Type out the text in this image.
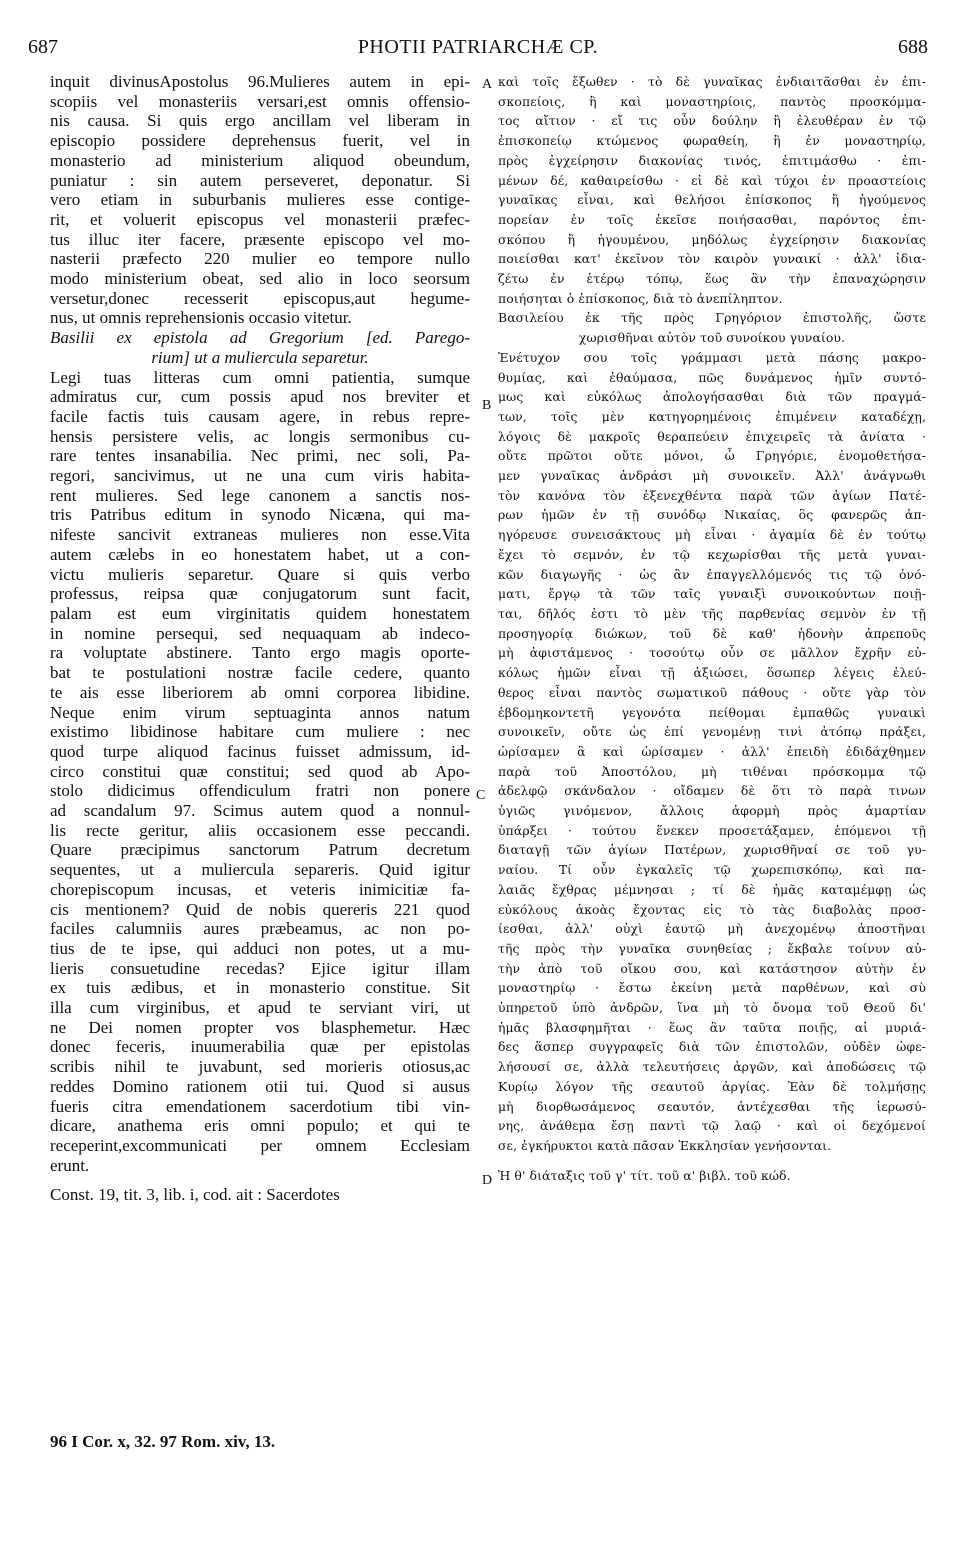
687	PHOTII PATRIARCHÆ CP.	688
inquit divinusApostolus 96.Mulieres autem in epi-
scopiis vel monasteriis versari,est omnis offensio-
nis causa. Si quis ergo ancillam vel liberam in
episcopio possidere deprehensus fuerit, vel in
monasterio ad ministerium aliquod obeundum,
puniatur : sin autem perseveret, deponatur. Si
vero etiam in suburbanis mulieres esse contige-
rit, et voluerit episcopus vel monasterii præfec-
tus illuc iter facere, præsente episcopo vel mo-
nasterii præfecto 220 mulier eo tempore nullo
modo ministerium obeat, sed alio in loco seorsum
versetur,donec recesserit episcopus,aut hegume-
nus, ut omnis reprehensionis occasio vitetur.
Basilii ex epistola ad Gregorium [ed. Parego-
rium] ut a muliercula separetur.
Legi tuas litteras cum omni patientia, sumque
admiratus cur, cum possis apud nos breviter et
facile factis tuis causam agere, in rebus repre-
hensis persistere velis, ac longis sermonibus cu-
rare tentes insanabilia. Nec primi, nec soli, Pa-
regori, sancivimus, ut ne una cum viris habita-
rent mulieres. Sed lege canonem a sanctis nos-
tris Patribus editum in synodo Nicæna, qui ma-
nifeste sancivit extraneas mulieres non esse.Vita
autem cælebs in eo honestatem habet, ut a con-
victu mulieris separetur. Quare si quis verbo
professus, reipsa quæ conjugatorum sunt facit,
palam est eum virginitatis quidem honestatem
in nomine persequi, sed nequaquam ab indeco-
ra voluptate abstinere. Tanto ergo magis oporte-
bat te postulationi nostræ facile cedere, quanto
te ais esse liberiorem ab omni corporea libidine.
Neque enim virum septuaginta annos natum
existimo libidinose habitare cum muliere : nec
quod turpe aliquod facinus fuisset admissum, id-
circo constitui quæ constitui; sed quod ab Apo-
stolo didicimus offendiculum fratri non ponere
ad scandalum 97. Scimus autem quod a nonnul-
lis recte geritur, aliis occasionem esse peccandi.
Quare præcipimus sanctorum Patrum decretum
sequentes, ut a muliercula separeris. Quid igitur
chorepiscopum incusas, et veteris inimicitiæ fa-
cis mentionem? Quid de nobis quereris 221 quod
faciles calumniis aures præbeamus, ac non po-
tius de te ipse, qui adduci non potes, ut a mu-
lieris consuetudine recedas? Ejice igitur illam
ex tuis ædibus, et in monasterio constitue. Sit
illa cum virginibus, et apud te serviant viri, ut
ne Dei nomen propter vos blasphemetur. Hæc
donec feceris, inuumerabilia quæ per epistolas
scribis nihil te juvabunt, sed morieris otiosus,ac
reddes Domino rationem otii tui. Quod si ausus
fueris citra emendationem sacerdotium tibi vin-
dicare, anathema eris omni populo; et qui te
receperint,excommunicati per omnem Ecclesiam
erunt.
Const. 19, tit. 3, lib. i, cod. ait : Sacerdotes
καὶ τοῖς ἔξωθεν · τὸ δὲ γυναῖκας ἐνδιαιτᾶσθαι ἐν ἐπι-
σκοπείοις, ἢ καὶ μοναστηρίοις, παντὸς προσκόμμα-
τος αἴτιον · εἴ τις οὖν δούλην ἢ ἐλευθέραν ἐν τῷ
ἐπισκοπείῳ κτώμενος φωραθείη, ἢ ἐν μοναστηρίῳ,
πρὸς ἐγχείρησιν διακονίας τινός, ἐπιτιμάσθω · ἐπι-
μένων δέ, καθαιρείσθω · εἰ δὲ καὶ τύχοι ἐν προαστείοις
γυναῖκας εἶναι, καὶ θελήσοι ἐπίσκοπος ἢ ἡγούμενος
πορείαν ἐν τοῖς ἐκεῖσε ποιήσασθαι, παρόντος ἐπι-
σκόπου ἢ ἡγουμένου, μηδόλως ἐγχείρησιν διακονίας
ποιείσθαι κατ' ἐκεῖνον τὸν καιρὸν γυναικί · ἀλλ' ἰδια-
ζέτω ἐν ἑτέρῳ τόπῳ, ἕως ἂν τὴν ἐπαναχώρησιν
ποιήσηται ὁ ἐπίσκοπος, διὰ τὸ ἀνεπίληπτον.
Βασιλείου ἐκ τῆς πρὸς Γρηγόριον ἐπιστολῆς, ὥστε
χωρισθῆναι αὐτὸν τοῦ συνοίκου γυναίου.
Ἐνέτυχον σου τοῖς γράμμασι μετὰ πάσης μακρο-
θυμίας, καὶ ἐθαύμασα, πῶς δυνάμενος ἡμῖν συντό-
μως καὶ εὐκόλως ἀπολογήσασθαι διὰ τῶν πραγμά-
των, τοῖς μὲν κατηγορημένοις ἐπιμένειν καταδέχῃ,
λόγοις δὲ μακροῖς θεραπεύειν ἐπιχειρεῖς τὰ ἀνίατα ·
οὔτε πρῶτοι οὔτε μόνοι, ὦ Γρηγόριε, ἐνομοθετήσα-
μεν γυναῖκας ἀνδράσι μὴ συνοικεῖν. Ἀλλ' ἀνάγνωθι
τὸν κανόνα τὸν ἐξενεχθέντα παρὰ τῶν ἁγίων Πατέ-
ρων ἡμῶν ἐν τῇ συνόδῳ Νικαίας, ὃς φανερῶς ἀπ-
ηγόρευσε συνεισάκτους μὴ εἶναι · ἀγαμία δὲ ἐν τούτῳ
ἔχει τὸ σεμνόν, ἐν τῷ κεχωρίσθαι τῆς μετὰ γυναι-
κῶν διαγωγῆς · ὡς ἂν ἐπαγγελλόμενός τις τῷ ὀνό-
ματι, ἔργῳ τὰ τῶν ταῖς γυναιξὶ συνοικούντων ποιῇ-
ται, δῆλός ἐστι τὸ μὲν τῆς παρθενίας σεμνὸν ἐν τῇ
προσηγορίᾳ διώκων, τοῦ δὲ καθ' ἡδονὴν ἀπρεποῦς
μὴ ἀφιστάμενος · τοσούτῳ οὖν σε μᾶλλον ἔχρῆν εὐ-
κόλως ἡμῶν εἶναι τῇ ἀξιώσει, ὅσωπερ λέγεις ἐλεύ-
θερος εἶναι παντὸς σωματικοῦ πάθους · οὔτε γὰρ τὸν
ἑβδομηκοντετῆ γεγονότα πείθομαι ἐμπαθῶς γυναικὶ
συνοικεῖν, οὔτε ὡς ἐπί γενομένῃ τινὶ ἀτόπῳ πράξει,
ὡρίσαμεν ἃ καὶ ὡρίσαμεν · ἀλλ' ἐπειδὴ ἐδιδάχθημεν
παρὰ τοῦ Ἀποστόλου, μὴ τιθέναι πρόσκομμα τῷ
ἀδελφῷ σκάνδαλον · οἴδαμεν δὲ ὅτι τὸ παρὰ τινων
ὑγιῶς γινόμενον, ἄλλοις ἀφορμὴ πρὸς ἁμαρτίαν
ὑπάρξει · τούτου ἕνεκεν προσετάξαμεν, ἑπόμενοι τῇ
διαταγῇ τῶν ἁγίων Πατέρων, χωρισθῆναί σε τοῦ γυ-
ναίου. Τί οὖν ἐγκαλεῖς τῷ χωρεπισκόπῳ, καὶ πα-
λαιᾶς ἔχθρας μέμνησαι ; τί δὲ ἡμᾶς καταμέμφῃ ὡς
εὐκόλους ἀκοὰς ἔχοντας εἰς τὸ τὰς διαβολὰς προσ-
ίεσθαι, ἀλλ' οὐχὶ ἑαυτῷ μὴ ἀνεχομένῳ ἀποστῆναι
τῆς πρὸς τὴν γυναῖκα συνηθείας ; ἔκβαλε τοίνυν αὐ-
τὴν ἀπὸ τοῦ οἴκου σου, καὶ κατάστησον αὐτὴν ἐν
μοναστηρίῳ · ἔστω ἐκείνη μετὰ παρθένων, καὶ σὺ
ὑπηρετοῦ ὑπὸ ἀνδρῶν, ἵνα μὴ τὸ ὄνομα τοῦ Θεοῦ δι'
ἡμᾶς βλασφημῆται · ἕως ἂν ταῦτα ποιῇς, αἱ μυριά-
δες ἅσπερ συγγραφεῖς διὰ τῶν ἐπιστολῶν, οὐδὲν ὠφε-
λήσουσί σε, ἀλλὰ τελευτήσεις ἀργῶν, καὶ ἀποδώσεις τῷ
Κυρίῳ λόγον τῆς σεαυτοῦ ἀργίας. Ἐὰν δὲ τολμήσῃς
μὴ διορθωσάμενος σεαυτόν, ἀντέχεσθαι τῆς ἱερωσύ-
νης, ἀνάθεμα ἔσῃ παντὶ τῷ λαῷ · καὶ οἱ δεχόμενοί
σε, ἐγκήρυκτοι κατὰ πᾶσαν Ἐκκλησίαν γενήσονται.
Ἡ θ' διάταξις τοῦ γ' τίτ. τοῦ α' βιβλ. τοῦ κώδ.
A
B
C
D
96 I Cor. x, 32. 97 Rom. xiv, 13.
